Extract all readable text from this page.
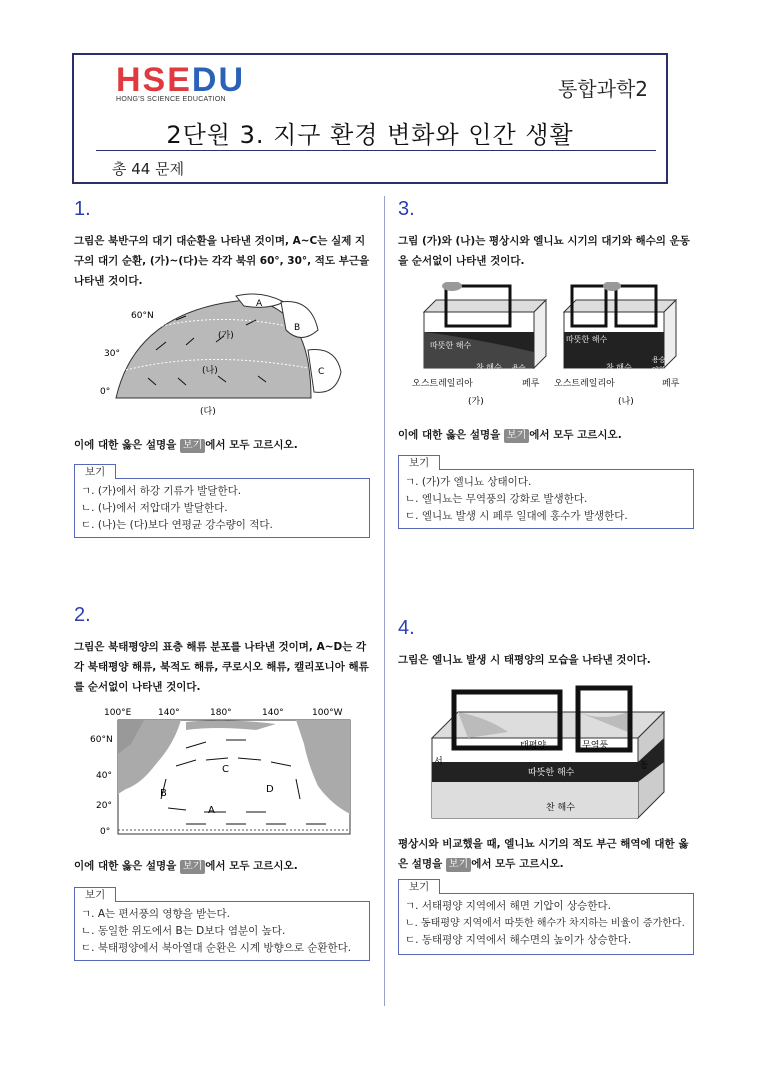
HSEDU
HONG'S SCIENCE EDUCATION	통합과학2
2단원 3. 지구 환경 변화와 인간 생활
총 44 문제
1.
그림은 북반구의 대기 대순환을 나타낸 것이며, A~C는 실제 지구의 대기 순환, (가)~(다)는 각각 북위 60°, 30°, 적도 부근을 나타낸 것이다.
60°N
30°
0°
(가)
(나)
(다)
A
B
C
이에 대한 옳은 설명을 보기 에서 모두 고르시오.
보기
ㄱ. (가)에서 하강 기류가 발달한다.
ㄴ. (나)에서 저압대가 발달한다.
ㄷ. (나)는 (다)보다 연평균 강수량이 적다.
2.
그림은 북태평양의 표층 해류 분포를 나타낸 것이며, A~D는 각각 북태평양 해류, 북적도 해류, 쿠로시오 해류, 캘리포니아 해류를 순서없이 나타낸 것이다.
100°E	140°	180°	140°	100°W
60°N
40°
20°
0°
A
B
C
D
이에 대한 옳은 설명을 보기 에서 모두 고르시오.
보기
ㄱ. A는 편서풍의 영향을 받는다.
ㄴ. 동일한 위도에서 B는 D보다 염분이 높다.
ㄷ. 북태평양에서 북아열대 순환은 시계 방향으로 순환한다.
3.
그림 (가)와 (나)는 평상시와 엘니뇨 시기의 대기와 해수의 운동을 순서없이 나타낸 것이다.
따뜻한 해수
찬 해수 용승
오스트레일리아	페루
(가)
따뜻한 해수
찬 해수
용승
약화
오스트레일리아	페루
(나)
이에 대한 옳은 설명을 보기 에서 모두 고르시오.
보기
ㄱ. (가)가 엘니뇨 상태이다.
ㄴ. 엘니뇨는 무역풍의 강화로 발생한다.
ㄷ. 엘니뇨 발생 시 페루 일대에 홍수가 발생한다.
4.
그림은 엘니뇨 발생 시 태평양의 모습을 나타낸 것이다.
태평양	무역풍
서	동
따뜻한 해수
찬 해수
평상시와 비교했을 때, 엘니뇨 시기의 적도 부근 해역에 대한 옳은 설명을 보기 에서 모두 고르시오.
보기
ㄱ. 서태평양 지역에서 해면 기압이 상승한다.
ㄴ. 동태평양 지역에서 따뜻한 해수가 차지하는 비율이 증가한다.
ㄷ. 동태평양 지역에서 해수면의 높이가 상승한다.
